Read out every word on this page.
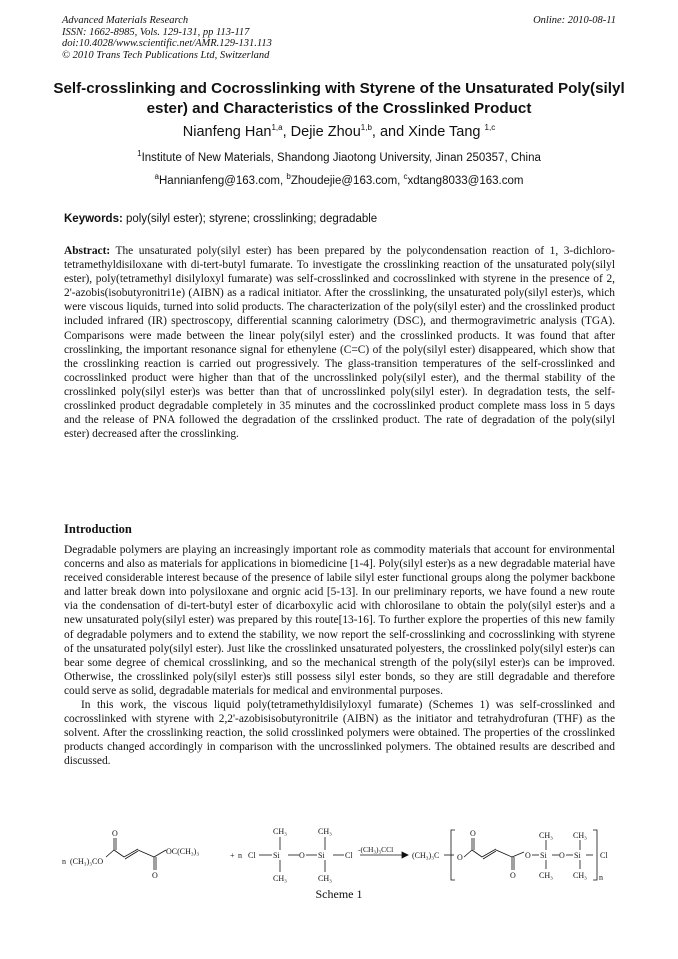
Advanced Materials Research
ISSN: 1662-8985, Vols. 129-131, pp 113-117
doi:10.4028/www.scientific.net/AMR.129-131.113
© 2010 Trans Tech Publications Ltd, Switzerland
Online: 2010-08-11
Self-crosslinking and Cocrosslinking with Styrene of the Unsaturated Poly(silyl ester) and Characteristics of the Crosslinked Product
Nianfeng Han$^{1,a}$, Dejie Zhou$^{1,b}$, and Xinde Tang $^{1,c}$
$^1$Institute of New Materials, Shandong Jiaotong University, Jinan 250357, China
$^a$Hannianfeng@163.com, $^b$Zhoudejie@163.com, $^c$xdtang8033@163.com
Keywords: poly(silyl ester); styrene; crosslinking; degradable
Abstract: The unsaturated poly(silyl ester) has been prepared by the polycondensation reaction of 1, 3-dichloro-tetramethyldisiloxane with di-tert-butyl fumarate. To investigate the crosslinking reaction of the unsaturated poly(silyl ester), poly(tetramethyl disilyloxyl fumarate) was self-crosslinked and cocrosslinked with styrene in the presence of 2, 2'-azobis(isobutyronitri1e) (AIBN) as a radical initiator. After the crosslinking, the unsaturated poly(silyl ester)s, which were viscous liquids, turned into solid products. The characterization of the poly(silyl ester) and the crosslinked product included infrared (IR) spectroscopy, differential scanning calorimetry (DSC), and thermogravimetric analysis (TGA). Comparisons were made between the linear poly(silyl ester) and the crosslinked products. It was found that after crosslinking, the important resonance signal for ethenylene (C=C) of the poly(silyl ester) disappeared, which show that the crosslinking reaction is carried out progressively. The glass-transition temperatures of the self-crosslinked and cocrosslinked product were higher than that of the uncrosslinked poly(silyl ester), and the thermal stability of the crosslinked poly(silyl ester)s was better than that of uncrosslinked poly(silyl ester). In degradation tests, the self-crosslinked product degradable completely in 35 minutes and the cocrosslinked product complete mass loss in 5 days and the release of PNA followed the degradation of the crsslinked product. The rate of degradation of the poly(silyl ester) decreased after the crosslinking.
Introduction

Degradable polymers are playing an increasingly important role as commodity materials that account for environmental concerns and also as materials for applications in biomedicine [1-4]. Poly(silyl ester)s as a new degradable material have received considerable interest because of the presence of labile silyl ester functional groups along the polymer backbone and latter break down into polysiloxane and orgnic acid [5-13]. In our preliminary reports, we have found a new route via the condensation of di-tert-butyl ester of dicarboxylic acid with chlorosilane to obtain the poly(silyl ester)s and a new unsaturated poly(silyl ester) was prepared by this route[13-16]. To further explore the properties of this new family of degradable polymers and to extend the stability, we now report the self-crosslinking and cocrosslinking with styrene of the unsaturated poly(silyl ester). Just like the crosslinked unsaturated polyesters, the crosslinked poly(silyl ester)s can bear some degree of chemical crosslinking, and so the mechanical strength of the poly(silyl ester)s can be improved. Otherwise, the crosslinked poly(silyl ester)s still possess silyl ester bonds, so they are still degradable and therefore could serve as solid, degradable materials for medical and environmental purposes.

In this work, the viscous liquid poly(tetramethyldisilyloxyl fumarate) (Schemes 1) was self-crosslinked and cocrosslinked with styrene with 2,2'-azobisisobutyronitrile (AIBN) as the initiator and tetrahydrofuran (THF) as the solvent. After the crosslinking reaction, the solid crosslinked polymers were obtained. The properties of the crosslinked products changed accordingly in comparison with the uncrosslinked polymers. The obtained results are described and discussed.

n (CH₃)₃CO
O
OC(CH₃)₃
O
+ n Cl Si O Si	Cl
CH₃
CH₃
CH₃
CH₃
-(CH₃)₃CCl
(CH₃)₃C O
O
O
O Si O Si Cl
CH₃
CH₃
CH₃
CH₃ n
Scheme 1
